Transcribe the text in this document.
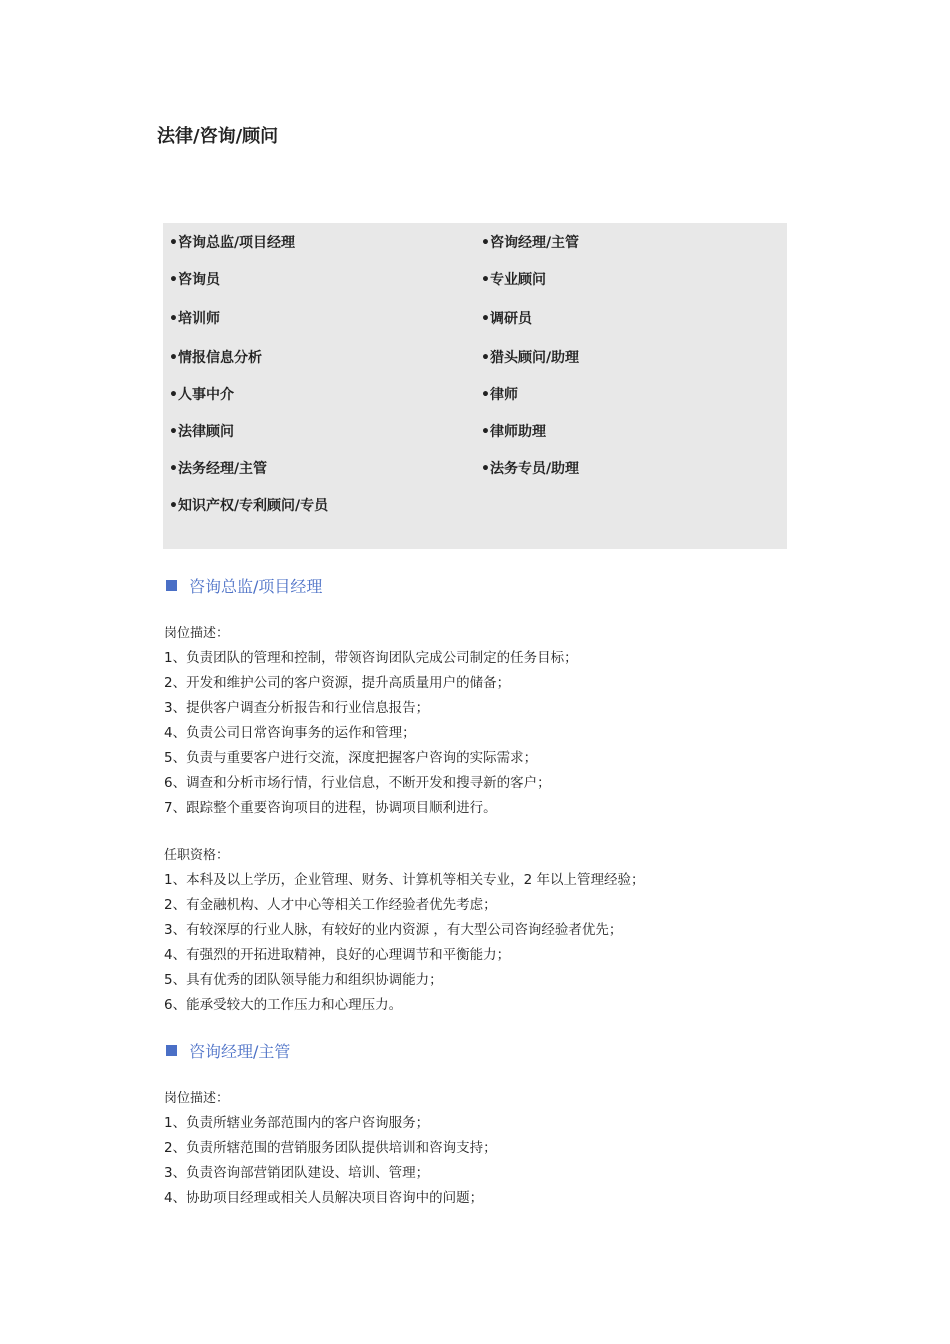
法律/咨询/顾问
•咨询总监/项目经理	•咨询经理/主管
•咨询员	•专业顾问
•培训师	•调研员
•情报信息分析	•猎头顾问/助理
•人事中介	•律师
•法律顾问	•律师助理
•法务经理/主管	•法务专员/助理
•知识产权/专利顾问/专员
咨询总监/项目经理
岗位描述：
1、负责团队的管理和控制，带领咨询团队完成公司制定的任务目标；
2、开发和维护公司的客户资源，提升高质量用户的储备；
3、提供客户调查分析报告和行业信息报告；
4、负责公司日常咨询事务的运作和管理；
5、负责与重要客户进行交流，深度把握客户咨询的实际需求；
6、调查和分析市场行情，行业信息，不断开发和搜寻新的客户；
7、跟踪整个重要咨询项目的进程，协调项目顺利进行。
任职资格：
1、本科及以上学历，企业管理、财务、计算机等相关专业，2 年以上管理经验；
2、有金融机构、人才中心等相关工作经验者优先考虑；
3、有较深厚的行业人脉，有较好的业内资源 ，有大型公司咨询经验者优先；
4、有强烈的开拓进取精神，良好的心理调节和平衡能力；
5、具有优秀的团队领导能力和组织协调能力；
6、能承受较大的工作压力和心理压力。
咨询经理/主管
岗位描述：
1、负责所辖业务部范围内的客户咨询服务；
2、负责所辖范围的营销服务团队提供培训和咨询支持；
3、负责咨询部营销团队建设、培训、管理；
4、协助项目经理或相关人员解决项目咨询中的问题；
